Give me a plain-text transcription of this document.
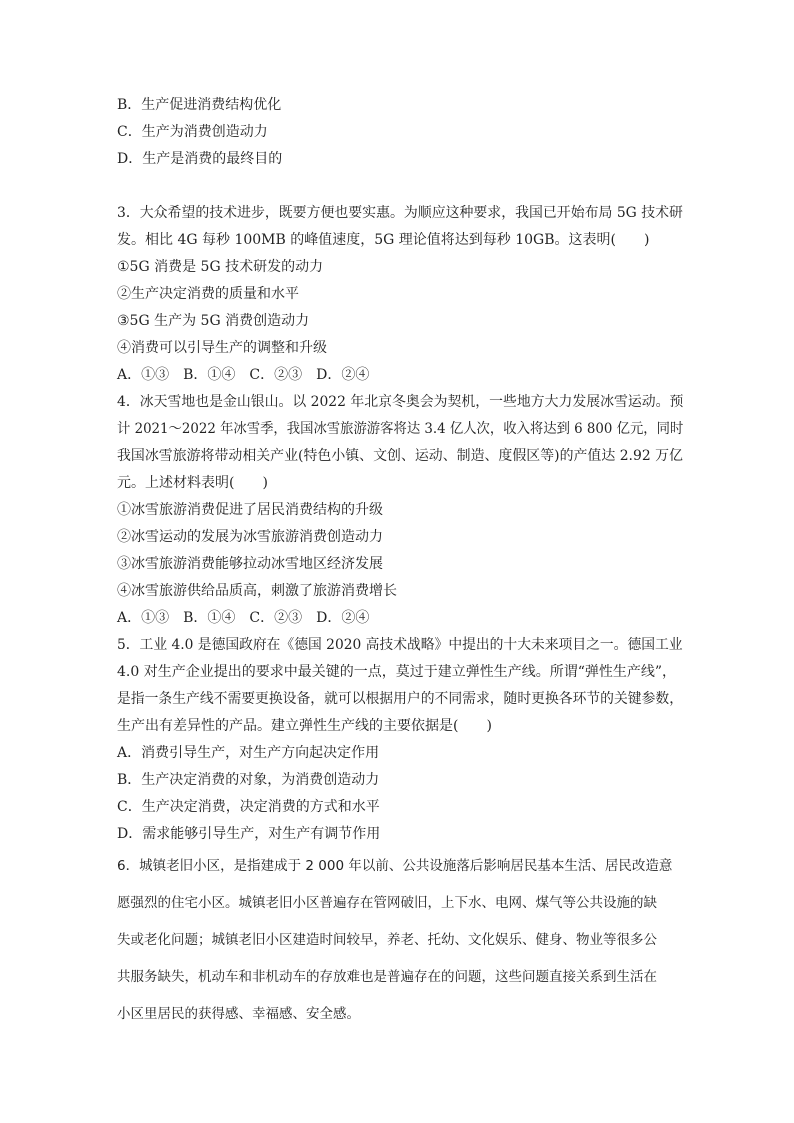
B．生产促进消费结构优化
C．生产为消费创造动力
D．生产是消费的最终目的
3．大众希望的技术进步，既要方便也要实惠。为顺应这种要求，我国已开始布局 5G 技术研
发。相比 4G 每秒 100MB 的峰值速度，5G 理论值将达到每秒 10GB。这表明(　　)
①5G 消费是 5G 技术研发的动力
②生产决定消费的质量和水平
③5G 生产为 5G 消费创造动力
④消费可以引导生产的调整和升级
A．①③　B．①④　C．②③　D．②④
4．冰天雪地也是金山银山。以 2022 年北京冬奥会为契机，一些地方大力发展冰雪运动。预
计 2021～2022 年冰雪季，我国冰雪旅游游客将达 3.4 亿人次，收入将达到 6 800 亿元，同时
我国冰雪旅游将带动相关产业(特色小镇、文创、运动、制造、度假区等)的产值达 2.92 万亿
元。上述材料表明(　　)
①冰雪旅游消费促进了居民消费结构的升级
②冰雪运动的发展为冰雪旅游消费创造动力
③冰雪旅游消费能够拉动冰雪地区经济发展
④冰雪旅游供给品质高，刺激了旅游消费增长
A．①③　B．①④　C．②③　D．②④
5．工业 4.0 是德国政府在《德国 2020 高技术战略》中提出的十大未来项目之一。德国工业
4.0 对生产企业提出的要求中最关键的一点，莫过于建立弹性生产线。所谓“弹性生产线”，
是指一条生产线不需要更换设备，就可以根据用户的不同需求，随时更换各环节的关键参数，
生产出有差异性的产品。建立弹性生产线的主要依据是(　　)
A．消费引导生产，对生产方向起决定作用
B．生产决定消费的对象，为消费创造动力
C．生产决定消费，决定消费的方式和水平
D．需求能够引导生产，对生产有调节作用
6．城镇老旧小区，是指建成于 2 000 年以前、公共设施落后影响居民基本生活、居民改造意
愿强烈的住宅小区。城镇老旧小区普遍存在管网破旧，上下水、电网、煤气等公共设施的缺
失或老化问题；城镇老旧小区建造时间较早，养老、托幼、文化娱乐、健身、物业等很多公
共服务缺失，机动车和非机动车的存放难也是普遍存在的问题，这些问题直接关系到生活在
小区里居民的获得感、幸福感、安全感。
